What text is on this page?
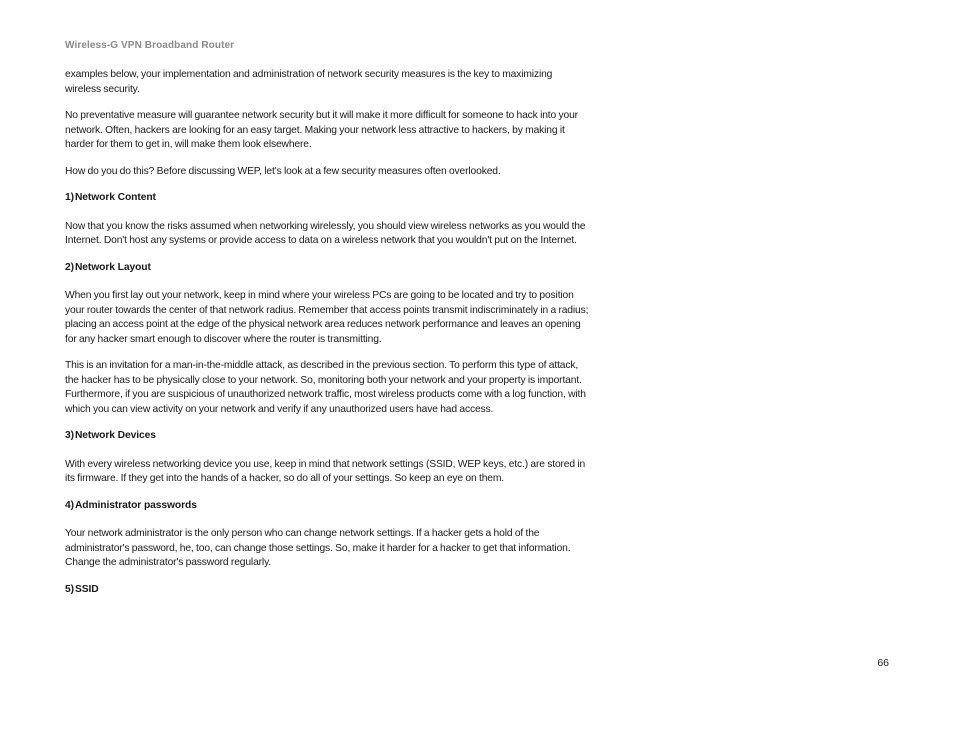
Wireless-G VPN Broadband Router

examples below, your implementation and administration of network security measures is the key to maximizing wireless security.

No preventative measure will guarantee network security but it will make it more difficult for someone to hack into your network. Often, hackers are looking for an easy target. Making your network less attractive to hackers, by making it harder for them to get in, will make them look elsewhere.

How do you do this? Before discussing WEP, let's look at a few security measures often overlooked.

1)Network Content

Now that you know the risks assumed when networking wirelessly, you should view wireless networks as you would the Internet. Don't host any systems or provide access to data on a wireless network that you wouldn't put on the Internet.

2)Network Layout

When you first lay out your network, keep in mind where your wireless PCs are going to be located and try to position your router towards the center of that network radius. Remember that access points transmit indiscriminately in a radius; placing an access point at the edge of the physical network area reduces network performance and leaves an opening for any hacker smart enough to discover where the router is transmitting.

This is an invitation for a man-in-the-middle attack, as described in the previous section. To perform this type of attack, the hacker has to be physically close to your network. So, monitoring both your network and your property is important. Furthermore, if you are suspicious of unauthorized network traffic, most wireless products come with a log function, with which you can view activity on your network and verify if any unauthorized users have had access.

3)Network Devices

With every wireless networking device you use, keep in mind that network settings (SSID, WEP keys, etc.) are stored in its firmware. If they get into the hands of a hacker, so do all of your settings. So keep an eye on them.

4)Administrator passwords

Your network administrator is the only person who can change network settings. If a hacker gets a hold of the administrator's password, he, too, can change those settings. So, make it harder for a hacker to get that information. Change the administrator's password regularly.

5)SSID

66
